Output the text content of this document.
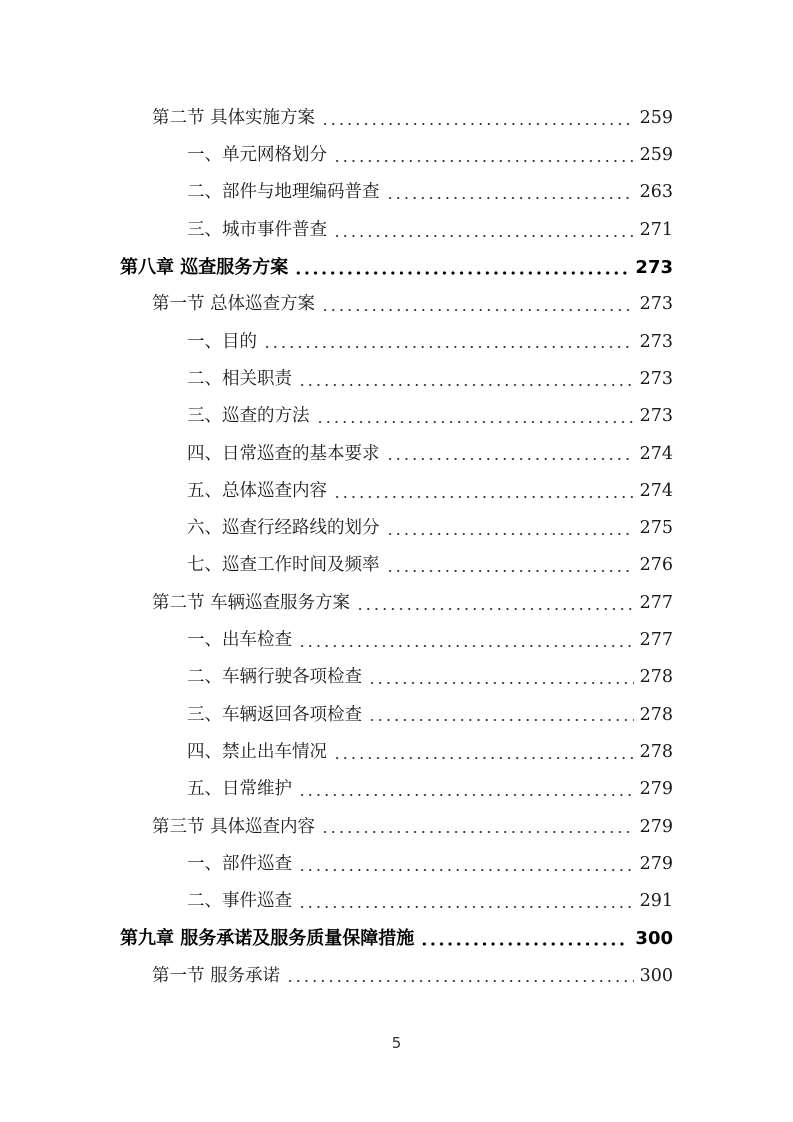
第二节 具体实施方案	259
一、单元网格划分	259
二、部件与地理编码普查	263
三、城市事件普查	271
第八章 巡查服务方案	273
第一节 总体巡查方案	273
一、目的	273
二、相关职责	273
三、巡查的方法	273
四、日常巡查的基本要求	274
五、总体巡查内容	274
六、巡查行经路线的划分	275
七、巡查工作时间及频率	276
第二节 车辆巡查服务方案	277
一、出车检查	277
二、车辆行驶各项检查	278
三、车辆返回各项检查	278
四、禁止出车情况	278
五、日常维护	279
第三节 具体巡查内容	279
一、部件巡查	279
二、事件巡查	291
第九章 服务承诺及服务质量保障措施	300
第一节 服务承诺	300
5
